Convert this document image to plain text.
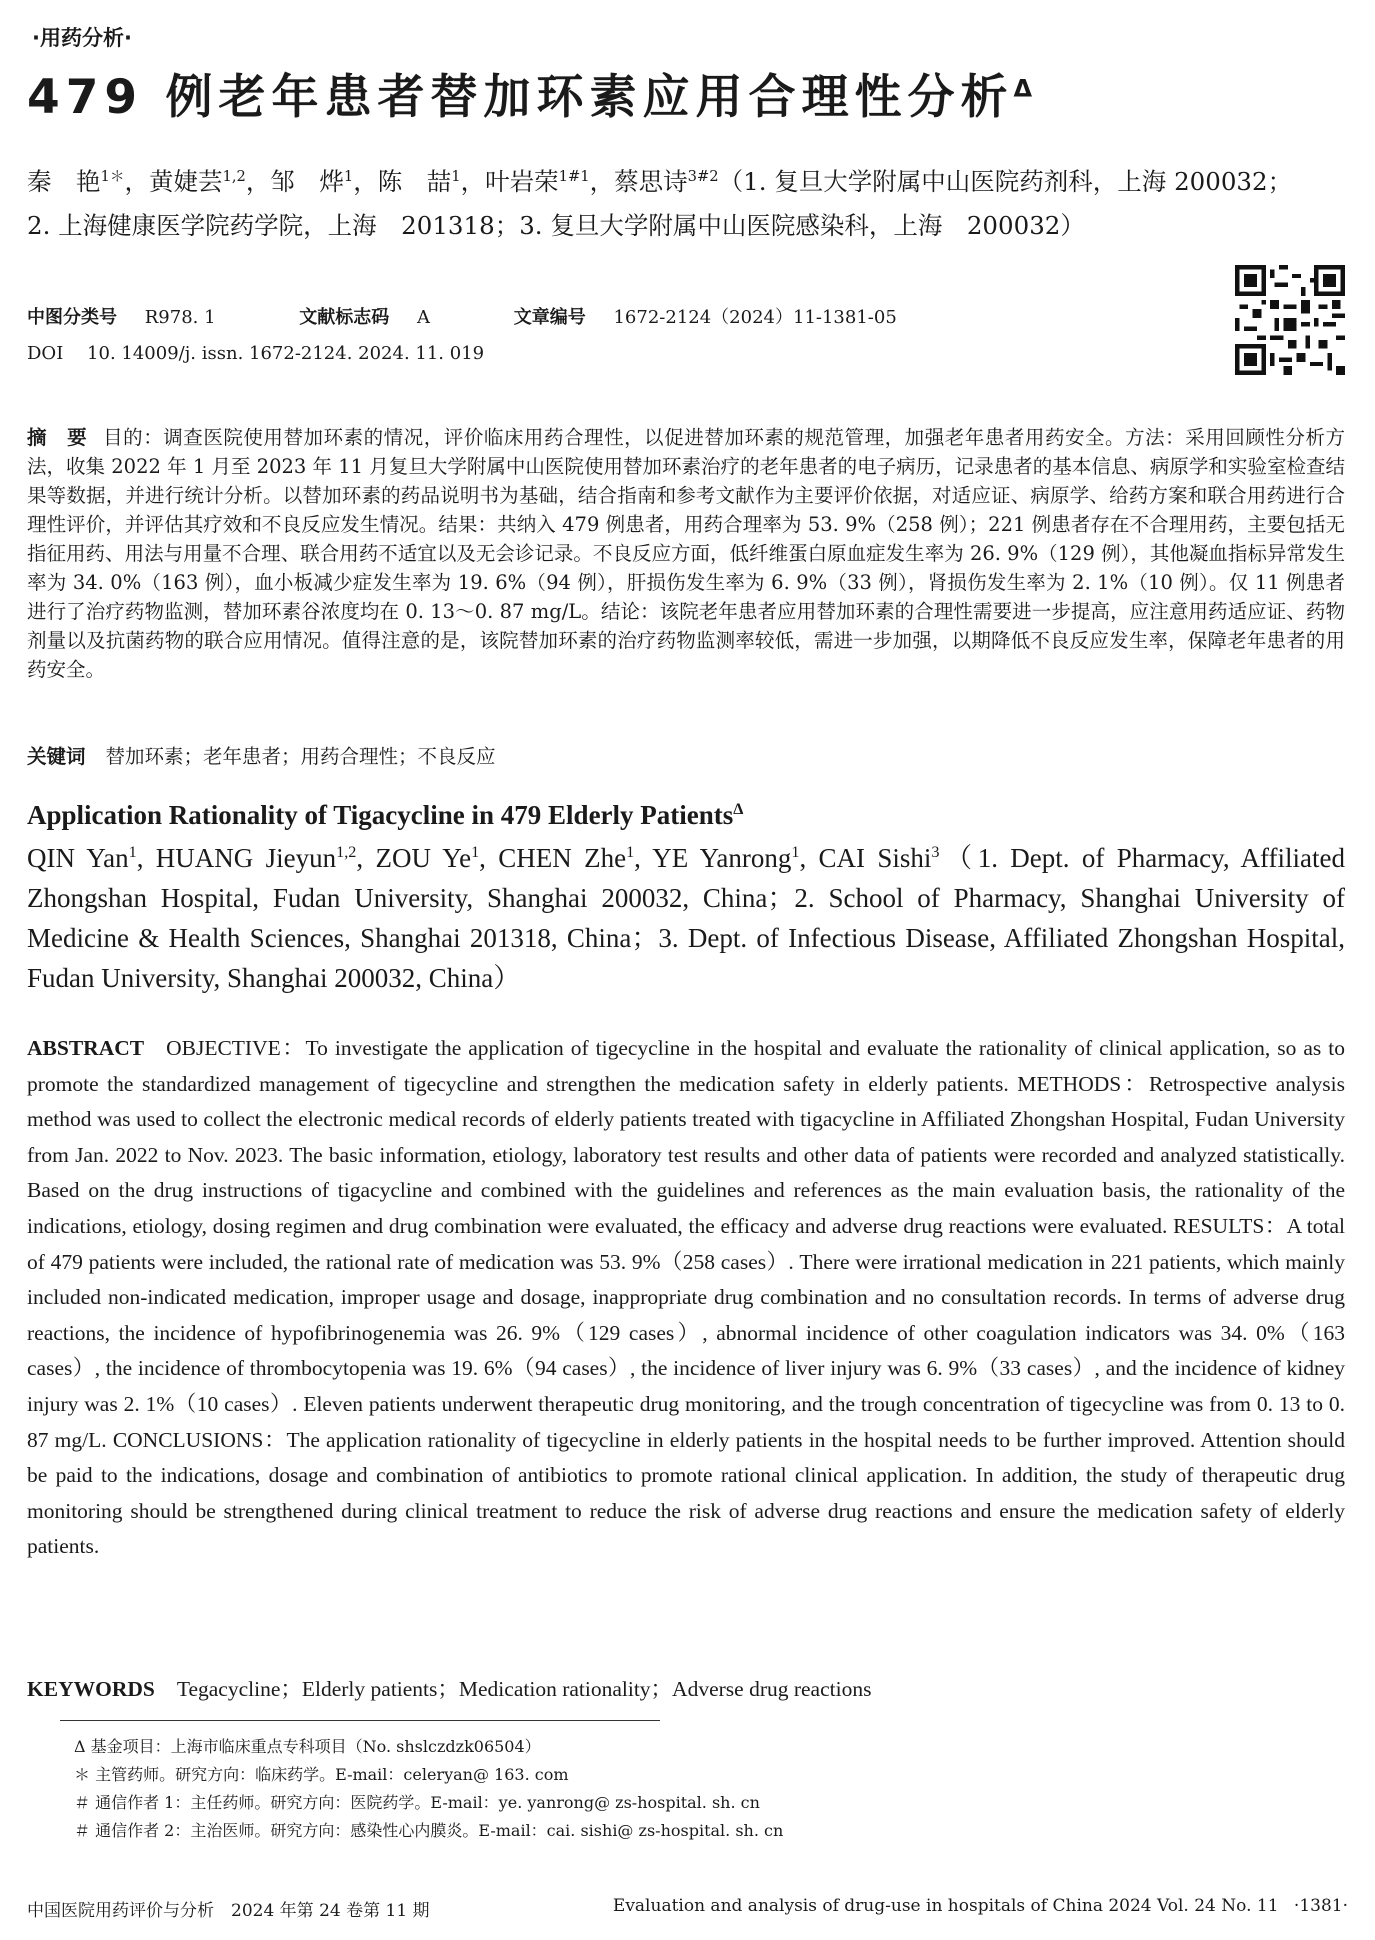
·用药分析·
479 例老年患者替加环素应用合理性分析$^\Delta$
秦　艳$^{1*}$，黄婕芸$^{1,2}$，邹　烨$^1$，陈　喆$^1$，叶岩荣$^{1\#1}$，蔡思诗$^{3\#2}$（1. 复旦大学附属中山医院药剂科，上海 200032；
2. 上海健康医学院药学院，上海　201318；3. 复旦大学附属中山医院感染科，上海　200032）
中图分类号 R978. 1	文献标志码 A	文章编号 1672-2124（2024）11-1381-05
DOI 10. 14009/j. issn. 1672-2124. 2024. 11. 019
摘　要 目的：调查医院使用替加环素的情况，评价临床用药合理性，以促进替加环素的规范管理，加强老年患者用药安全。方法：采用回顾性分析方法，收集 2022 年 1 月至 2023 年 11 月复旦大学附属中山医院使用替加环素治疗的老年患者的电子病历，记录患者的基本信息、病原学和实验室检查结果等数据，并进行统计分析。以替加环素的药品说明书为基础，结合指南和参考文献作为主要评价依据，对适应证、病原学、给药方案和联合用药进行合理性评价，并评估其疗效和不良反应发生情况。结果：共纳入 479 例患者，用药合理率为 53. 9%（258 例）；221 例患者存在不合理用药，主要包括无指征用药、用法与用量不合理、联合用药不适宜以及无会诊记录。不良反应方面，低纤维蛋白原血症发生率为 26. 9%（129 例），其他凝血指标异常发生率为 34. 0%（163 例），血小板减少症发生率为 19. 6%（94 例），肝损伤发生率为 6. 9%（33 例），肾损伤发生率为 2. 1%（10 例）。仅 11 例患者进行了治疗药物监测，替加环素谷浓度均在 0. 13～0. 87 mg/L。结论：该院老年患者应用替加环素的合理性需要进一步提高，应注意用药适应证、药物剂量以及抗菌药物的联合应用情况。值得注意的是，该院替加环素的治疗药物监测率较低，需进一步加强，以期降低不良反应发生率，保障老年患者的用药安全。
关键词 替加环素；老年患者；用药合理性；不良反应
Application Rationality of Tigacycline in 479 Elderly Patients$^\Delta$
QIN Yan$^1$, HUANG Jieyun$^{1,2}$, ZOU Ye$^1$, CHEN Zhe$^1$, YE Yanrong$^1$, CAI Sishi$^3$（1. Dept. of Pharmacy, Affiliated Zhongshan Hospital, Fudan University, Shanghai 200032, China；2. School of Pharmacy, Shanghai University of Medicine & Health Sciences, Shanghai 201318, China；3. Dept. of Infectious Disease, Affiliated Zhongshan Hospital, Fudan University, Shanghai 200032, China）
ABSTRACT OBJECTIVE：To investigate the application of tigecycline in the hospital and evaluate the rationality of clinical application, so as to promote the standardized management of tigecycline and strengthen the medication safety in elderly patients. METHODS：Retrospective analysis method was used to collect the electronic medical records of elderly patients treated with tigacycline in Affiliated Zhongshan Hospital, Fudan University from Jan. 2022 to Nov. 2023. The basic information, etiology, laboratory test results and other data of patients were recorded and analyzed statistically. Based on the drug instructions of tigacycline and combined with the guidelines and references as the main evaluation basis, the rationality of the indications, etiology, dosing regimen and drug combination were evaluated, the efficacy and adverse drug reactions were evaluated. RESULTS：A total of 479 patients were included, the rational rate of medication was 53. 9%（258 cases）. There were irrational medication in 221 patients, which mainly included non-indicated medication, improper usage and dosage, inappropriate drug combination and no consultation records. In terms of adverse drug reactions, the incidence of hypofibrinogenemia was 26. 9%（129 cases）, abnormal incidence of other coagulation indicators was 34. 0%（163 cases）, the incidence of thrombocytopenia was 19. 6%（94 cases）, the incidence of liver injury was 6. 9%（33 cases）, and the incidence of kidney injury was 2. 1%（10 cases）. Eleven patients underwent therapeutic drug monitoring, and the trough concentration of tigecycline was from 0. 13 to 0. 87 mg/L. CONCLUSIONS：The application rationality of tigecycline in elderly patients in the hospital needs to be further improved. Attention should be paid to the indications, dosage and combination of antibiotics to promote rational clinical application. In addition, the study of therapeutic drug monitoring should be strengthened during clinical treatment to reduce the risk of adverse drug reactions and ensure the medication safety of elderly patients.
KEYWORDS Tegacycline；Elderly patients；Medication rationality；Adverse drug reactions
Δ 基金项目：上海市临床重点专科项目（No. shslczdzk06504）
＊ 主管药师。研究方向：临床药学。E-mail：celeryan@ 163. com
＃ 通信作者 1：主任药师。研究方向：医院药学。E-mail：ye. yanrong@ zs-hospital. sh. cn
＃ 通信作者 2：主治医师。研究方向：感染性心内膜炎。E-mail：cai. sishi@ zs-hospital. sh. cn
中国医院用药评价与分析　2024 年第 24 卷第 11 期	Evaluation and analysis of drug-use in hospitals of China 2024 Vol. 24 No. 11 ·1381·
